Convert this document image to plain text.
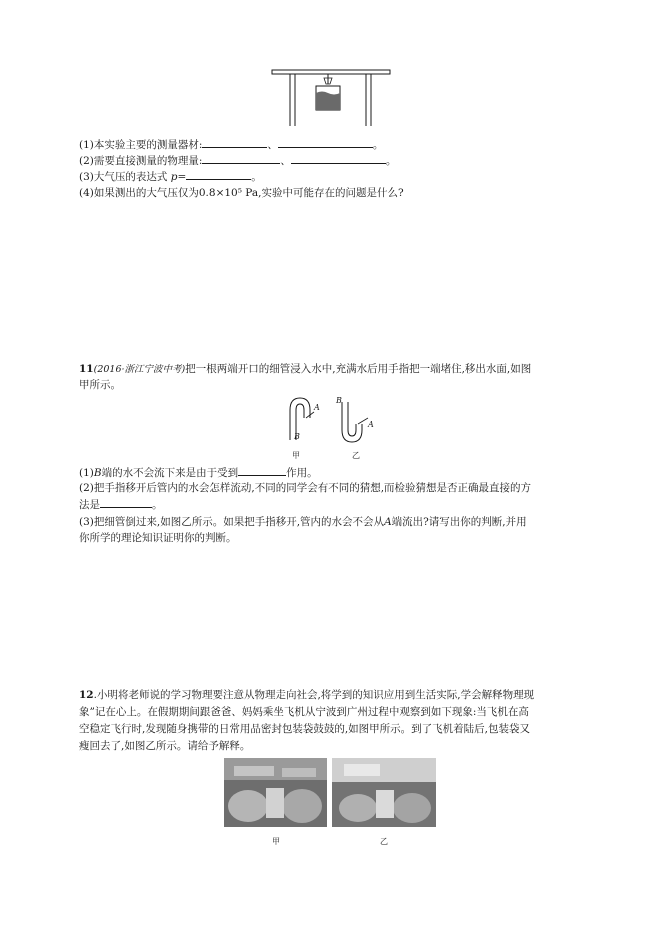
(1)本实验主要的测量器材:	、	。
(2)需要直接测量的物理量:	、	。
(3)大气压的表达式 p=	。
(4)如果测出的大气压仅为0.8×10⁵ Pa,实验中可能存在的问题是什么?
11(2016·浙江宁波中考)把一根两端开口的细管浸入水中,充满水后用手指把一端堵住,移出水面,如图
甲所示。
A
B
B
A
甲	乙
(1)B端的水不会流下来是由于受到	作用。
(2)把手指移开后管内的水会怎样流动,不同的同学会有不同的猜想,而检验猜想是否正确最直接的方
法是	。
(3)把细管倒过来,如图乙所示。如果把手指移开,管内的水会不会从A端流出?请写出你的判断,并用
你所学的理论知识证明你的判断。
12.小明将老师说的学习物理要注意从物理走向社会,将学到的知识应用到生活实际,学会解释物理现
象”记在心上。在假期期间跟爸爸、妈妈乘坐飞机从宁波到广州过程中观察到如下现象:当飞机在高
空稳定飞行时,发现随身携带的日常用品密封包装袋鼓鼓的,如图甲所示。到了飞机着陆后,包装袋又
瘦回去了,如图乙所示。请给予解释。
甲	乙
